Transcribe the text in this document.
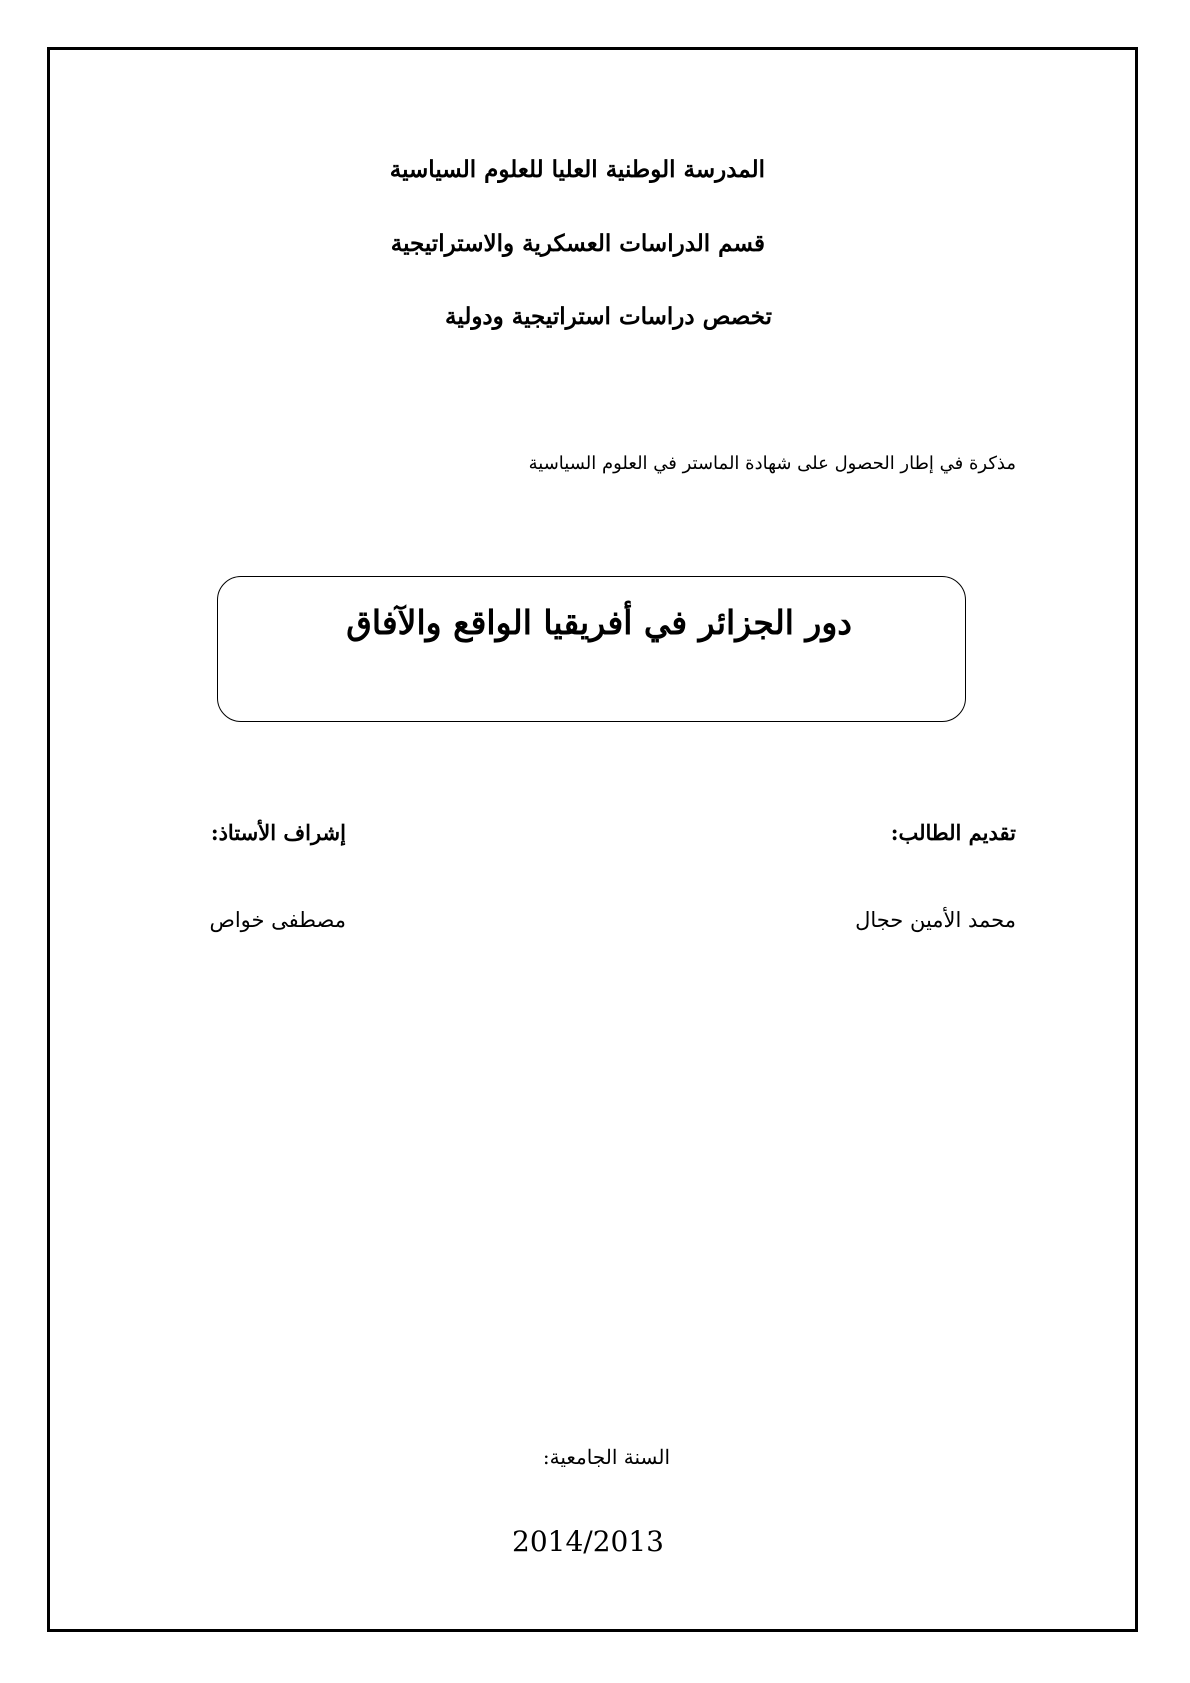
المدرسة الوطنية العليا للعلوم السياسية
قسم الدراسات العسكرية والاستراتيجية
تخصص دراسات استراتيجية ودولية
مذكرة في إطار الحصول على شهادة الماستر في العلوم السياسية
دور الجزائر في أفريقيا الواقع والآفاق
تقديم الطالب:
إشراف الأستاذ:
محمد الأمين حجال
مصطفى خواص
السنة الجامعية:
2014/2013
